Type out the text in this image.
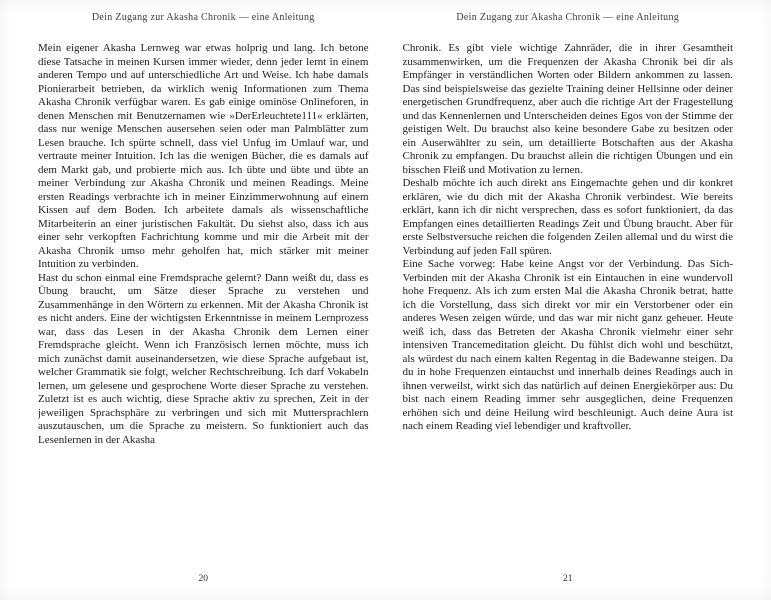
Dein Zugang zur Akasha Chronik — eine Anleitung

Mein eigener Akasha Lernweg war etwas holprig und lang. Ich betone diese Tatsache in meinen Kursen immer wieder, denn jeder lernt in einem anderen Tempo und auf unterschiedliche Art und Weise. Ich habe damals Pionierarbeit betrieben, da wirklich wenig Informationen zum Thema Akasha Chronik verfügbar waren. Es gab einige ominöse Onlineforen, in denen Menschen mit Benutzernamen wie »DerErleuchtete111« erklärten, dass nur wenige Menschen ausersehen seien oder man Palmblätter zum Lesen brauche. Ich spürte schnell, dass viel Unfug im Umlauf war, und vertraute meiner Intuition. Ich las die wenigen Bücher, die es damals auf dem Markt gab, und probierte mich aus. Ich übte und übte und übte an meiner Verbindung zur Akasha Chronik und meinen Readings. Meine ersten Readings verbrachte ich in meiner Einzimmerwohnung auf einem Kissen auf dem Boden. Ich arbeitete damals als wissenschaftliche Mitarbeiterin an einer juristischen Fakultät. Du siehst also, dass ich aus einer sehr verkopften Fachrichtung komme und mir die Arbeit mit der Akasha Chronik umso mehr geholfen hat, mich stärker mit meiner Intuition zu verbinden.

Hast du schon einmal eine Fremdsprache gelernt? Dann weißt du, dass es Übung braucht, um Sätze dieser Sprache zu verstehen und Zusammenhänge in den Wörtern zu erkennen. Mit der Akasha Chronik ist es nicht anders. Eine der wichtigsten Erkenntnisse in meinem Lernprozess war, dass das Lesen in der Akasha Chronik dem Lernen einer Fremdsprache gleicht. Wenn ich Französisch lernen möchte, muss ich mich zunächst damit auseinandersetzen, wie diese Sprache aufgebaut ist, welcher Grammatik sie folgt, welcher Rechtschreibung. Ich darf Vokabeln lernen, um gelesene und gesprochene Worte dieser Sprache zu verstehen. Zuletzt ist es auch wichtig, diese Sprache aktiv zu sprechen, Zeit in der jeweiligen Sprachsphäre zu verbringen und sich mit Muttersprachlern auszutauschen, um die Sprache zu meistern. So funktioniert auch das Lesenlernen in der Akasha

20
Dein Zugang zur Akasha Chronik — eine Anleitung

Chronik. Es gibt viele wichtige Zahnräder, die in ihrer Gesamtheit zusammenwirken, um die Frequenzen der Akasha Chronik bei dir als Empfänger in verständlichen Worten oder Bildern ankommen zu lassen. Das sind beispielsweise das gezielte Training deiner Hellsinne oder deiner energetischen Grundfrequenz, aber auch die richtige Art der Fragestellung und das Kennenlernen und Unterscheiden deines Egos von der Stimme der geistigen Welt. Du brauchst also keine besondere Gabe zu besitzen oder ein Auserwählter zu sein, um detaillierte Botschaften aus der Akasha Chronik zu empfangen. Du brauchst allein die richtigen Übungen und ein bisschen Fleiß und Motivation zu lernen.

Deshalb möchte ich auch direkt ans Eingemachte gehen und dir konkret erklären, wie du dich mit der Akasha Chronik verbindest. Wie bereits erklärt, kann ich dir nicht versprechen, dass es sofort funktioniert, da das Empfangen eines detaillierten Readings Zeit und Übung braucht. Aber für erste Selbstversuche reichen die folgenden Zeilen allemal und du wirst die Verbindung auf jeden Fall spüren.

Eine Sache vorweg: Habe keine Angst vor der Verbindung. Das Sich-Verbinden mit der Akasha Chronik ist ein Eintauchen in eine wundervoll hohe Frequenz. Als ich zum ersten Mal die Akasha Chronik betrat, hatte ich die Vorstellung, dass sich direkt vor mir ein Verstorbener oder ein anderes Wesen zeigen würde, und das war mir nicht ganz geheuer. Heute weiß ich, dass das Betreten der Akasha Chronik vielmehr einer sehr intensiven Trancemeditation gleicht. Du fühlst dich wohl und beschützt, als würdest du nach einem kalten Regentag in die Badewanne steigen. Da du in hohe Frequenzen eintauchst und innerhalb deines Readings auch in ihnen verweilst, wirkt sich das natürlich auf deinen Energiekörper aus: Du bist nach einem Reading immer sehr ausgeglichen, deine Frequenzen erhöhen sich und deine Heilung wird beschleunigt. Auch deine Aura ist nach einem Reading viel lebendiger und kraftvoller.

21
